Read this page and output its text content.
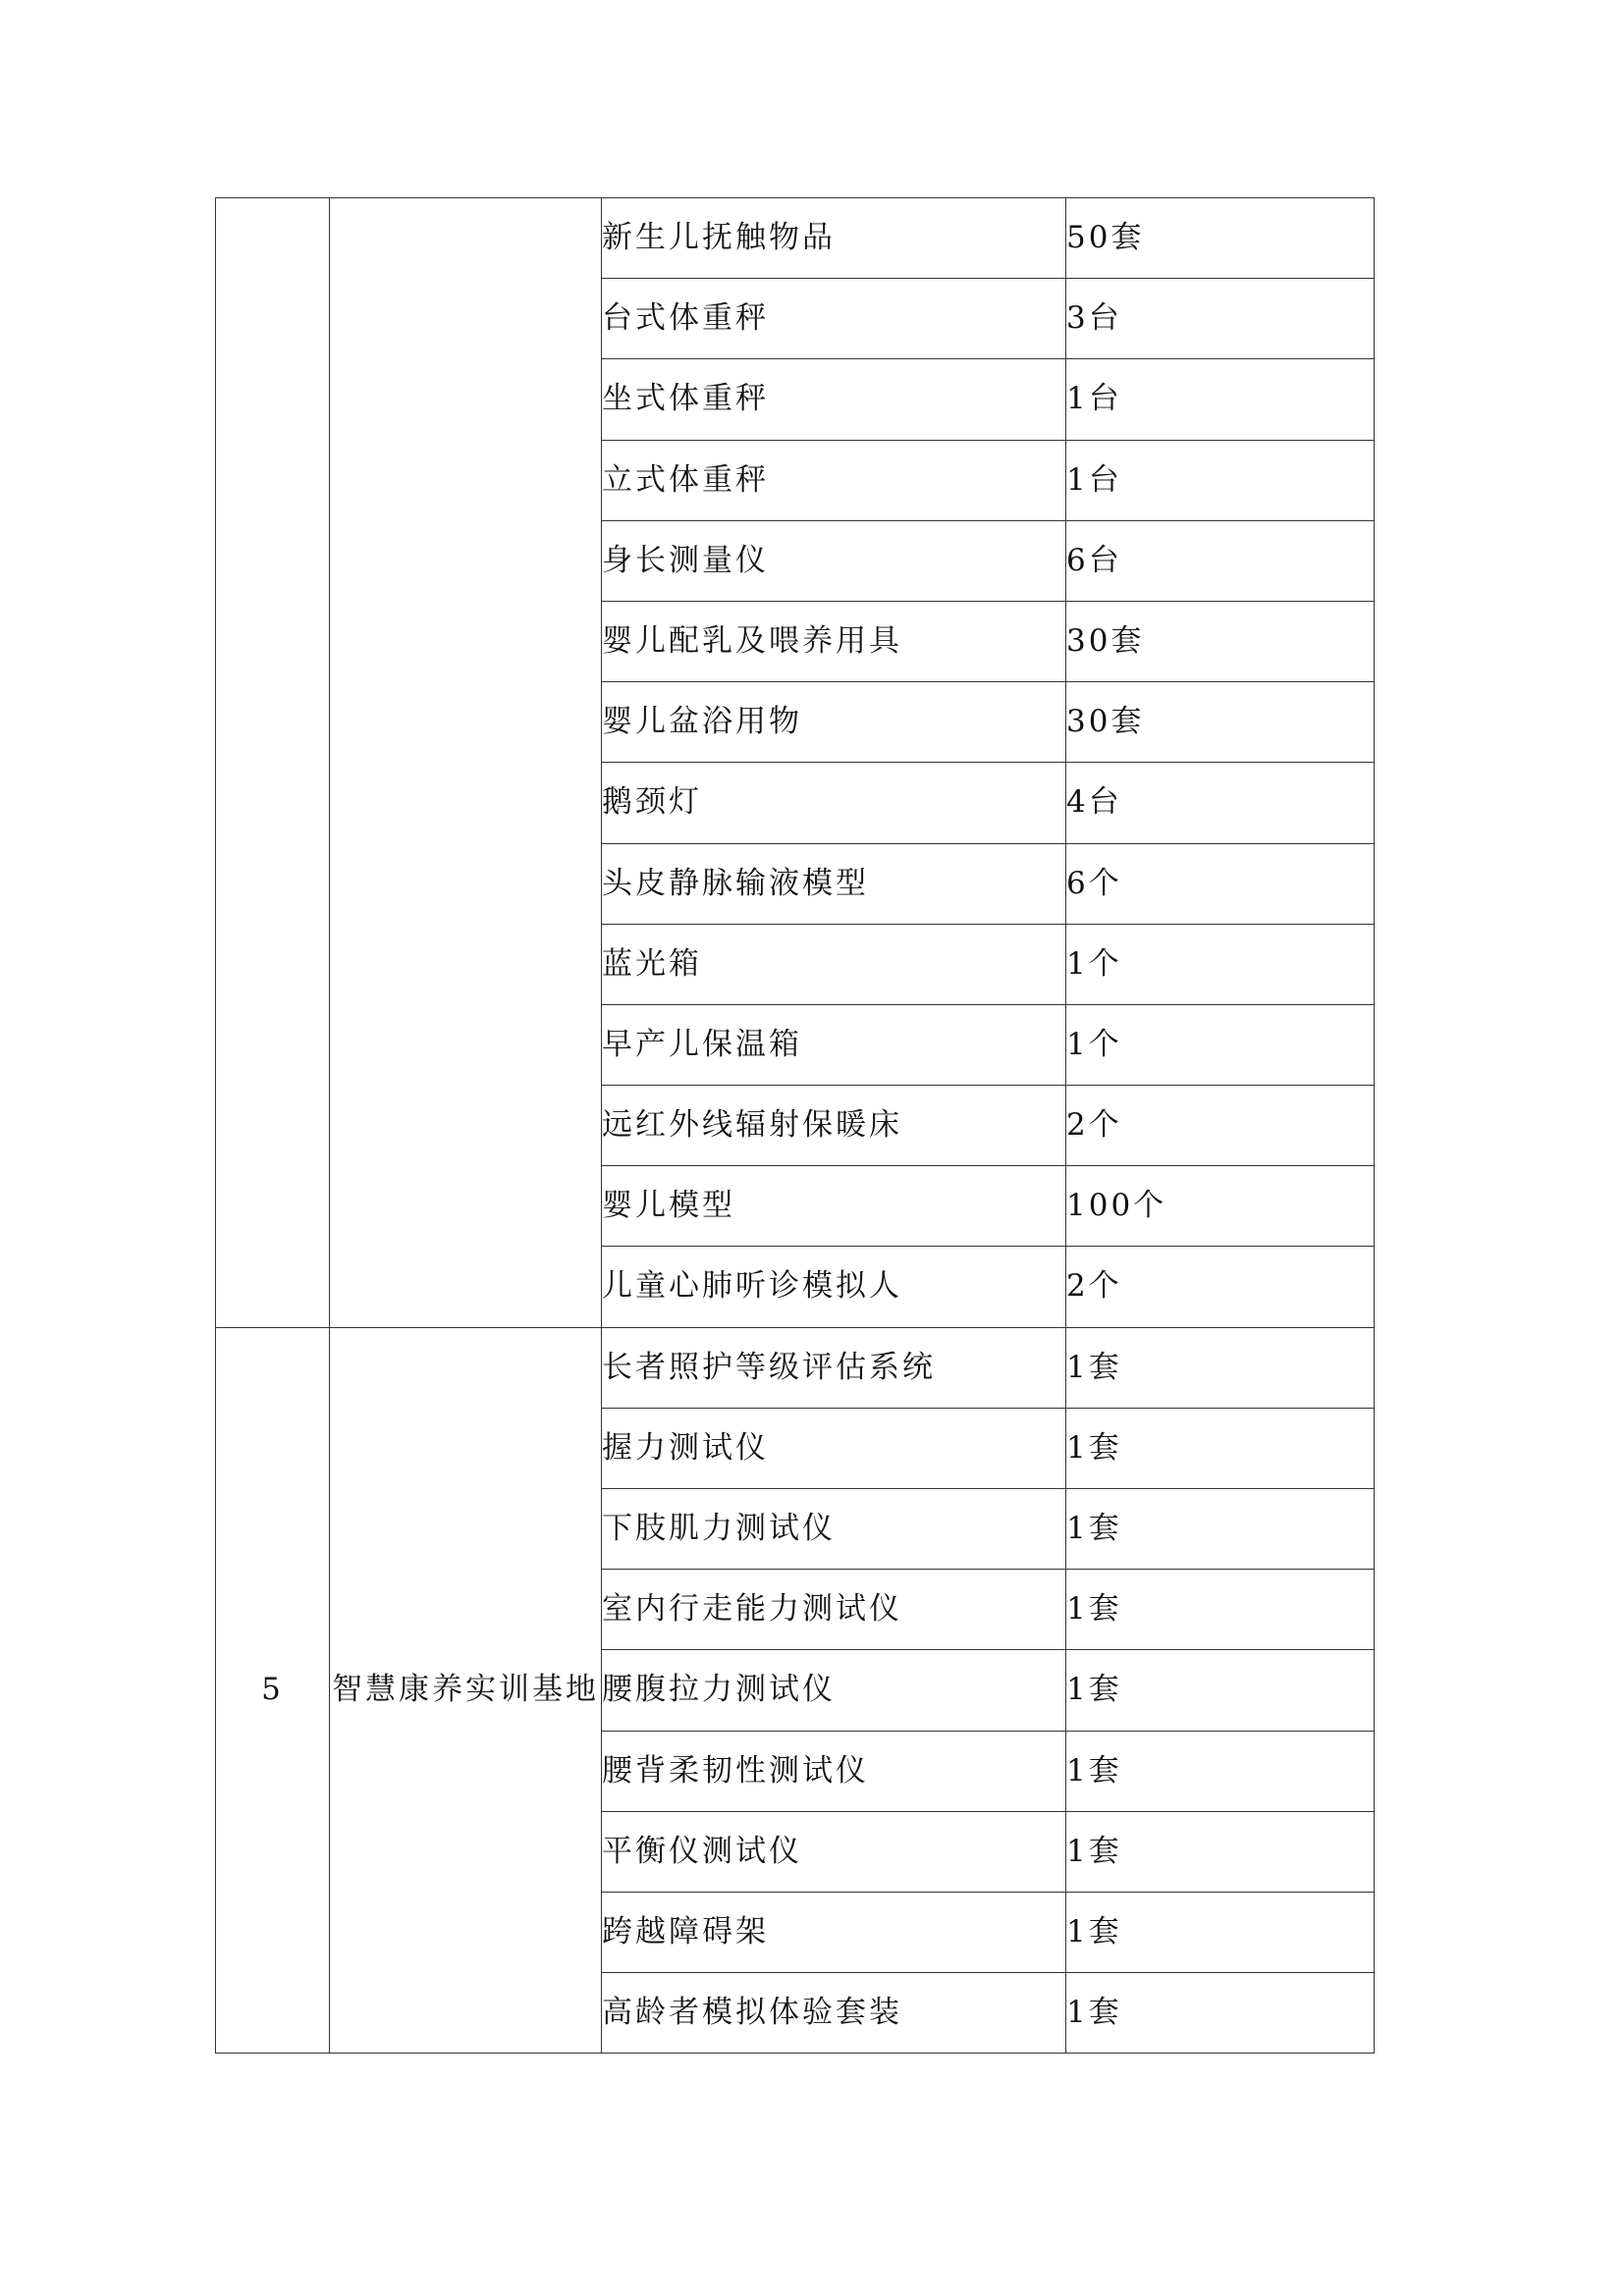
		新生儿抚触物品	50套
		台式体重秤	3台
		坐式体重秤	1台
		立式体重秤	1台
		身长测量仪	6台
		婴儿配乳及喂养用具	30套
		婴儿盆浴用物	30套
		鹅颈灯	4台
		头皮静脉输液模型	6个
		蓝光箱	1个
		早产儿保温箱	1个
		远红外线辐射保暖床	2个
		婴儿模型	100个
		儿童心肺听诊模拟人	2个
5	智慧康养实训基地	长者照护等级评估系统	1套
		握力测试仪	1套
		下肢肌力测试仪	1套
		室内行走能力测试仪	1套
		腰腹拉力测试仪	1套
		腰背柔韧性测试仪	1套
		平衡仪测试仪	1套
		跨越障碍架	1套
		高龄者模拟体验套装	1套
